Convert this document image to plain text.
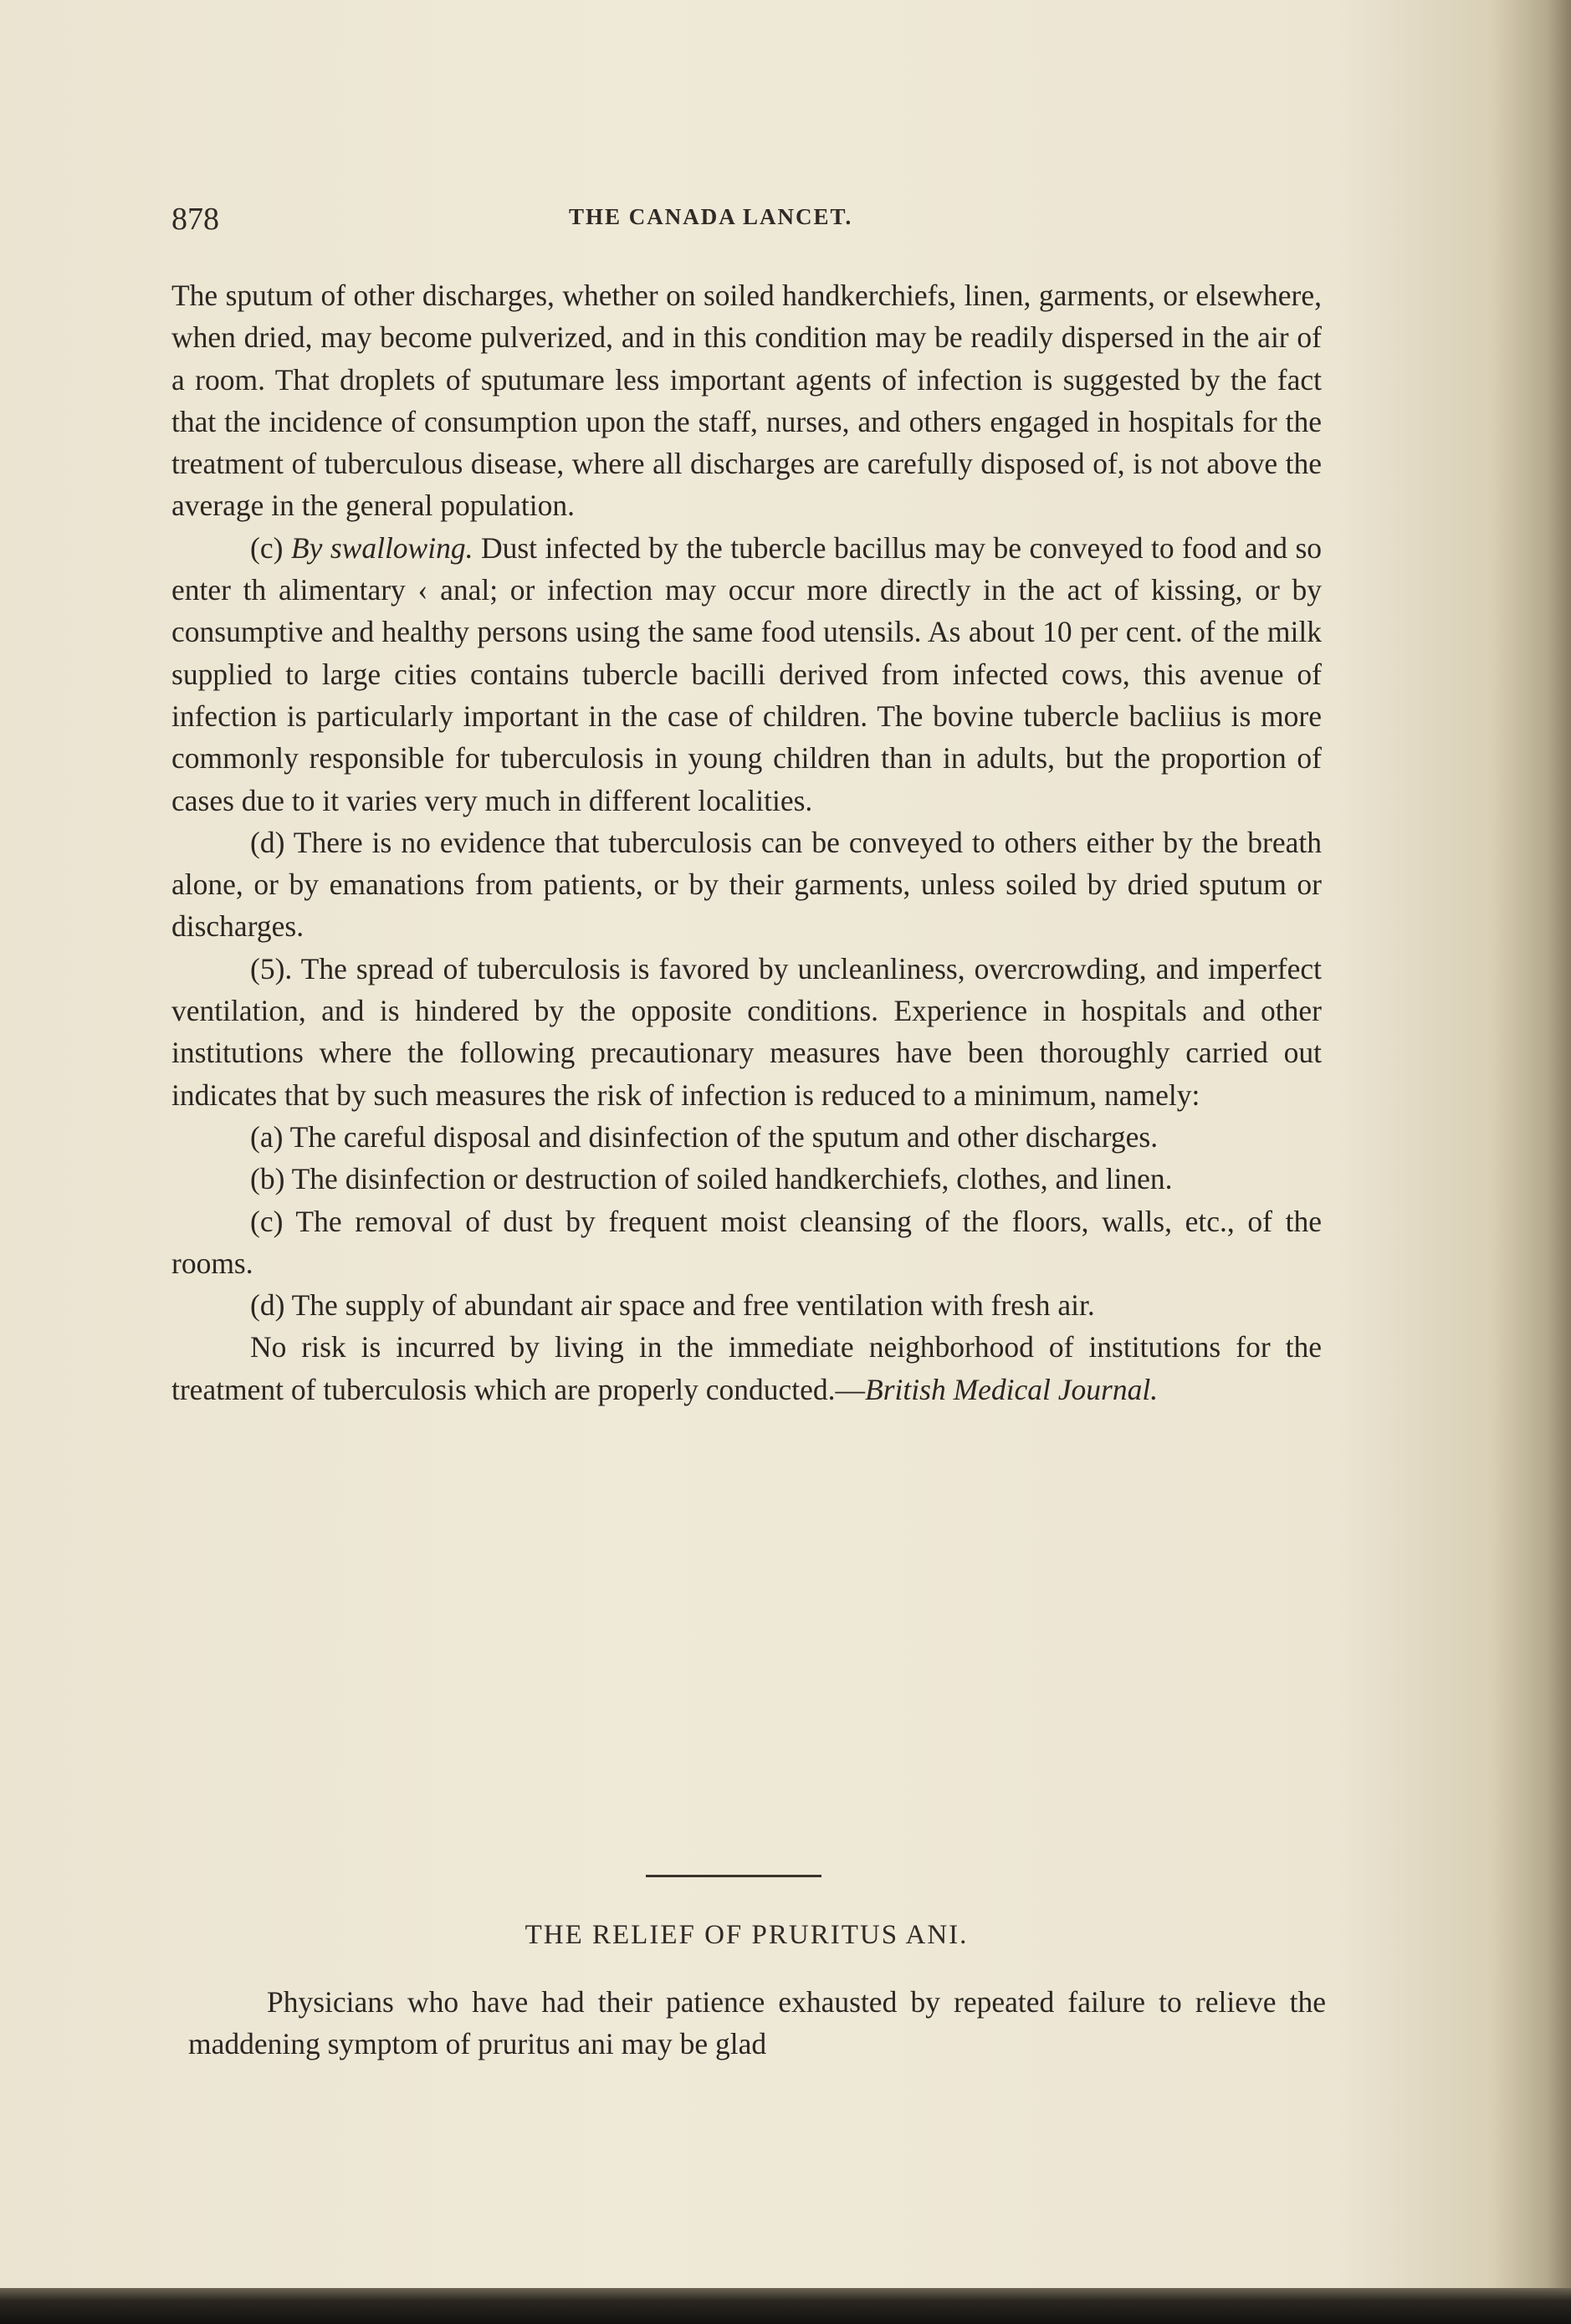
878	THE CANADA LANCET.

The sputum of other discharges, whether on soiled handkerchiefs, linen, garments, or elsewhere, when dried, may become pulverized, and in this condition may be readily dispersed in the air of a room. That droplets of sputumare less important agents of infection is suggested by the fact that the incidence of consumption upon the staff, nurses, and others engaged in hospitals for the treatment of tuberculous disease, where all discharges are carefully disposed of, is not above the average in the general population.

(c) By swallowing. Dust infected by the tubercle bacillus may be conveyed to food and so enter th alimentary ‹ anal; or infection may occur more directly in the act of kissing, or by consumptive and healthy persons using the same food utensils. As about 10 per cent. of the milk supplied to large cities contains tubercle bacilli derived from infected cows, this avenue of infection is particularly important in the case of children. The bovine tubercle bacliius is more commonly responsible for tuberculosis in young children than in adults, but the proportion of cases due to it varies very much in different localities.

(d) There is no evidence that tuberculosis can be conveyed to others either by the breath alone, or by emanations from patients, or by their garments, unless soiled by dried sputum or discharges.

(5). The spread of tuberculosis is favored by uncleanliness, overcrowding, and imperfect ventilation, and is hindered by the opposite conditions. Experience in hospitals and other institutions where the following precautionary measures have been thoroughly carried out indicates that by such measures the risk of infection is reduced to a minimum, namely:

(a) The careful disposal and disinfection of the sputum and other discharges.

(b) The disinfection or destruction of soiled handkerchiefs, clothes, and linen.

(c) The removal of dust by frequent moist cleansing of the floors, walls, etc., of the rooms.

(d) The supply of abundant air space and free ventilation with fresh air.

No risk is incurred by living in the immediate neighborhood of institutions for the treatment of tuberculosis which are properly conducted.—British Medical Journal.

THE RELIEF OF PRURITUS ANI.

Physicians who have had their patience exhausted by repeated failure to relieve the maddening symptom of pruritus ani may be glad
